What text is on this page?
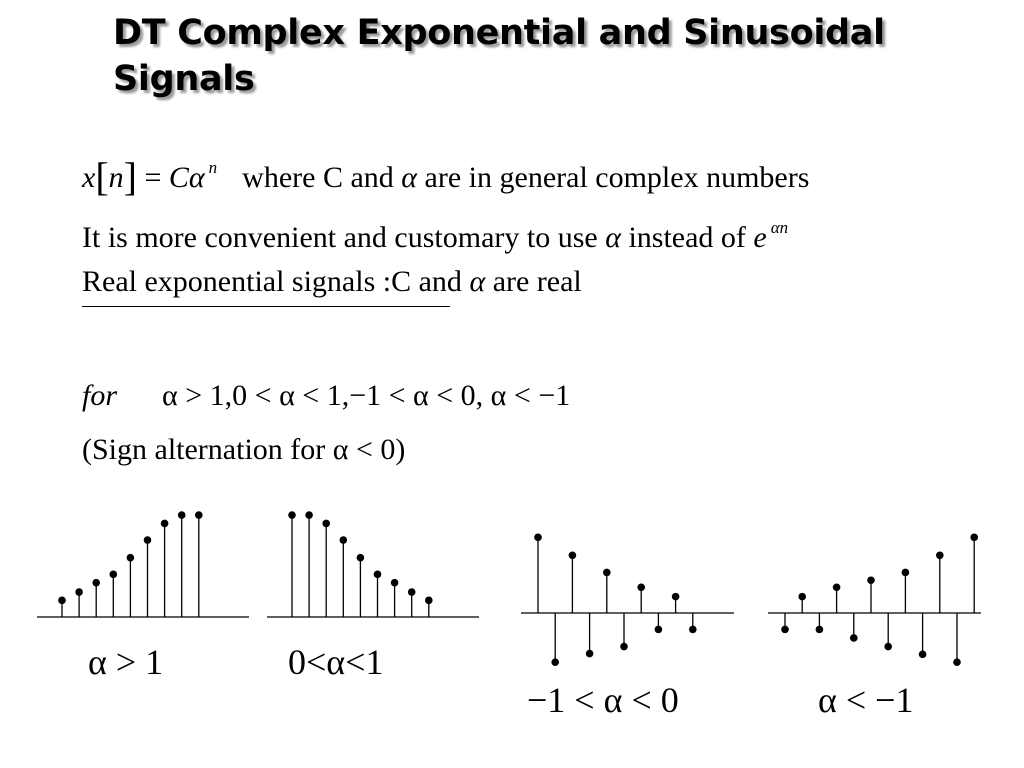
DT Complex Exponential and Sinusoidal
Signals
x[n] = Cα $^n$ where C and α are in general complex numbers
It is more convenient and customary to use α instead of e $^{\alpha n}$
Real exponential signals :C and α are real
for α > 1,0 < α < 1,−1 < α < 0, α < −1
(Sign alternation for α < 0)
α > 1	0<α<1
−1 < α < 0	α < −1
